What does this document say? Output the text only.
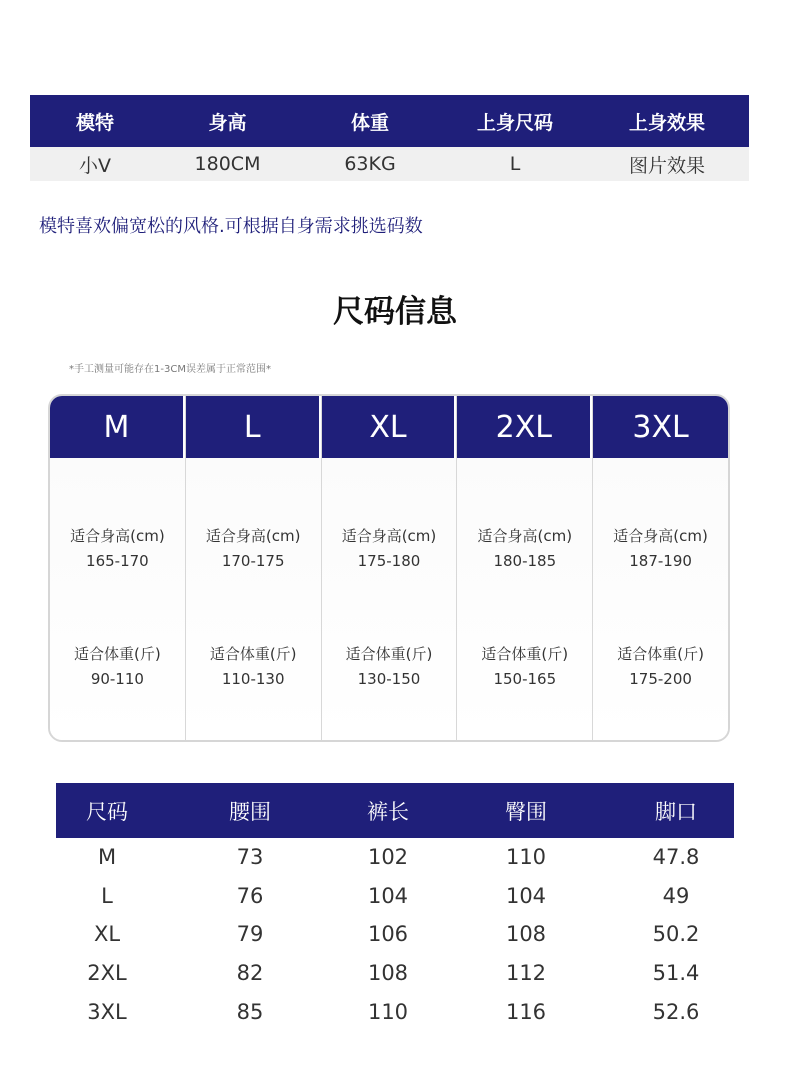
模特	身高	体重	上身尺码	上身效果
小V	180CM	63KG	L	图片效果
模特喜欢偏宽松的风格.可根据自身需求挑选码数
尺码信息
*手工测量可能存在1-3CM误差属于正常范围*
M
适合身高(cm)
165-170
适合体重(斤)
90-110
L
适合身高(cm)
170-175
适合体重(斤)
110-130
XL
适合身高(cm)
175-180
适合体重(斤)
130-150
2XL
适合身高(cm)
180-185
适合体重(斤)
150-165
3XL
适合身高(cm)
187-190
适合体重(斤)
175-200
尺码	腰围	裤长	臀围	脚口
M	73	102	110	47.8
L	76	104	104	49
XL	79	106	108	50.2
2XL	82	108	112	51.4
3XL	85	110	116	52.6
